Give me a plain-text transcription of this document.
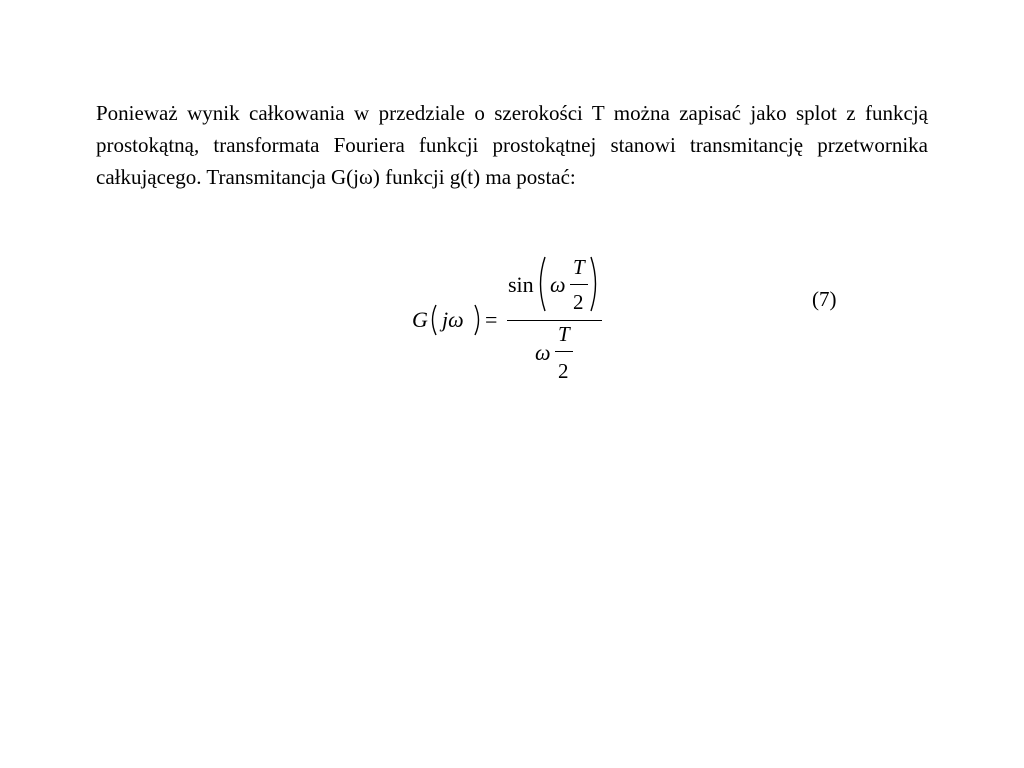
Ponieważ wynik całkowania w przedziale o szerokości T można zapisać jako splot z funkcją prostokątną, transformata Fouriera funkcji prostokątnej stanowi transmitancję przetwornika całkującego. Transmitancja G(jω) funkcji g(t) ma postać:

G jω =
sin ω
T
2
ω
T
2
(7)
